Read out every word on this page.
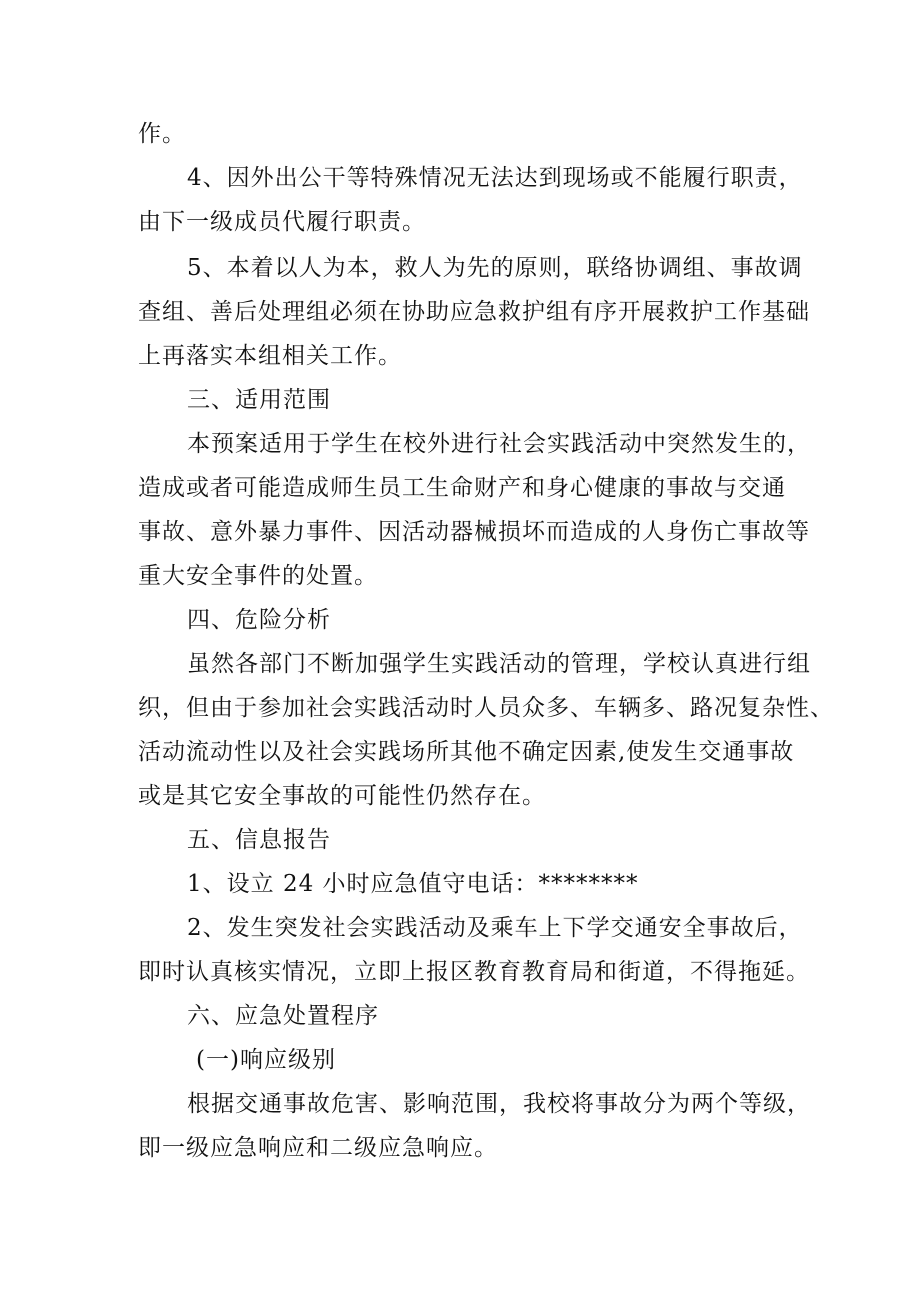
作。
4、因外出公干等特殊情况无法达到现场或不能履行职责，
由下一级成员代履行职责。
5、本着以人为本，救人为先的原则，联络协调组、事故调
查组、善后处理组必须在协助应急救护组有序开展救护工作基础
上再落实本组相关工作。
三、适用范围
本预案适用于学生在校外进行社会实践活动中突然发生的，
造成或者可能造成师生员工生命财产和身心健康的事故与交通
事故、意外暴力事件、因活动器械损坏而造成的人身伤亡事故等
重大安全事件的处置。
四、危险分析
虽然各部门不断加强学生实践活动的管理，学校认真进行组
织，但由于参加社会实践活动时人员众多、车辆多、路况复杂性、
活动流动性以及社会实践场所其他不确定因素,使发生交通事故
或是其它安全事故的可能性仍然存在。
五、信息报告
1、设立 24 小时应急值守电话：********
2、发生突发社会实践活动及乘车上下学交通安全事故后，
即时认真核实情况，立即上报区教育教育局和街道，不得拖延。
六、应急处置程序
(一)响应级别
根据交通事故危害、影响范围，我校将事故分为两个等级，
即一级应急响应和二级应急响应。
